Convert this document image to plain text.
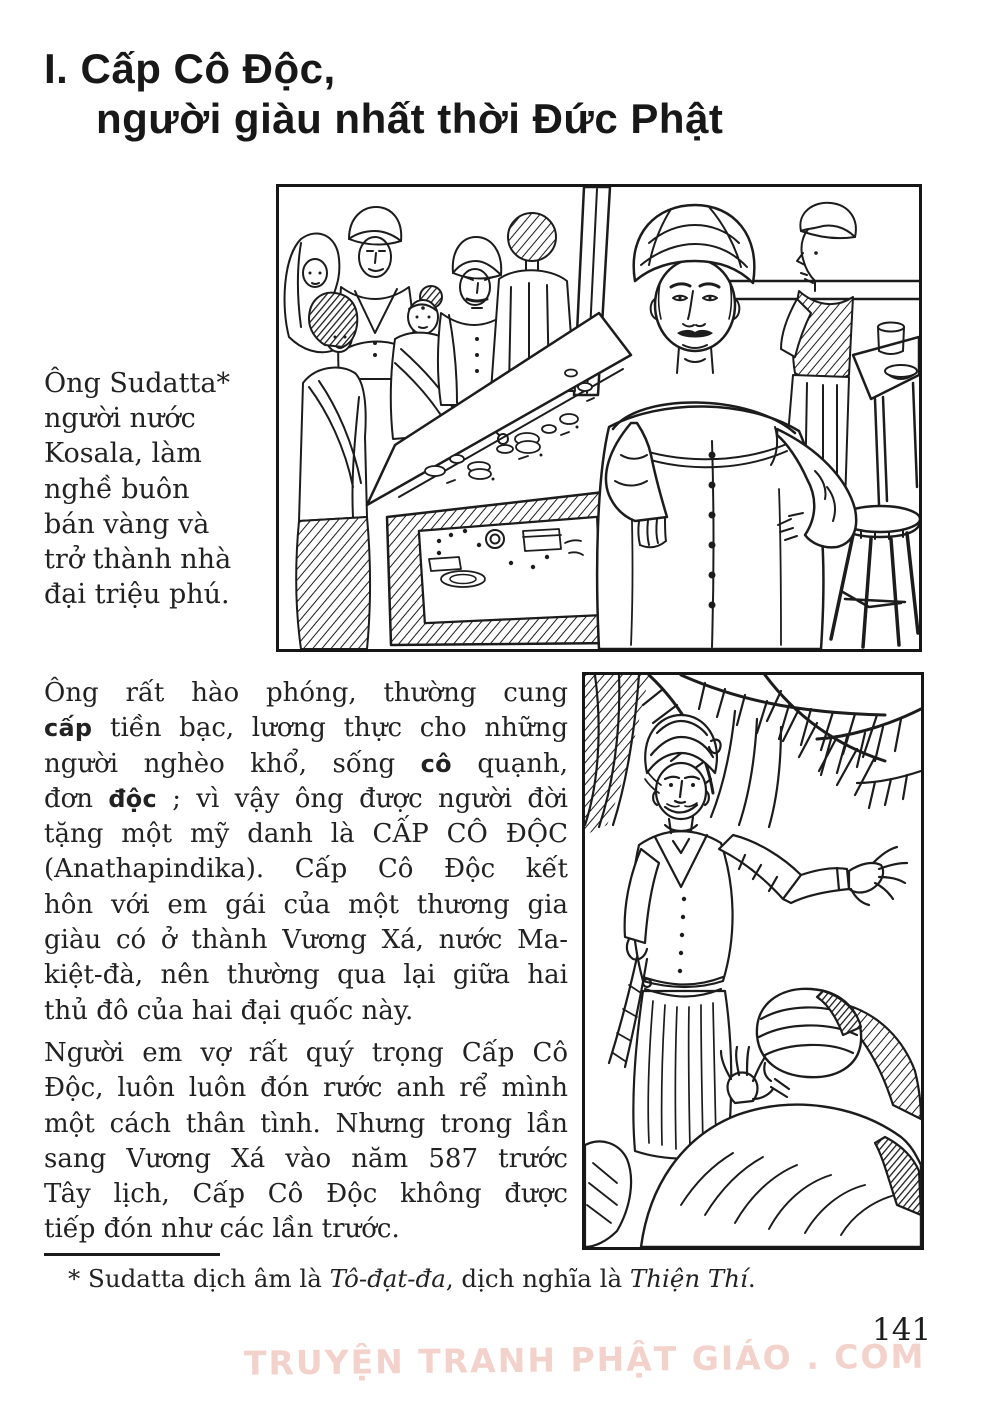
I. Cấp Cô Độc,
người giàu nhất thời Đức Phật
Ông Sudatta*
người nước
Kosala, làm
nghề buôn
bán vàng và
trở thành nhà
đại triệu phú.
Ông rất hào phóng, thường cung
cấp tiền bạc, lương thực cho những
người nghèo khổ, sống cô quạnh,
đơn độc ; vì vậy ông được người đời
tặng một mỹ danh là CẤP CÔ ĐỘC
(Anathapindika). Cấp Cô Độc kết
hôn với em gái của một thương gia
giàu có ở thành Vương Xá, nước Ma-
kiệt-đà, nên thường qua lại giữa hai
thủ đô của hai đại quốc này.
Người em vợ rất quý trọng Cấp Cô
Độc, luôn luôn đón rước anh rể mình
một cách thân tình. Nhưng trong lần
sang Vương Xá vào năm 587 trước
Tây lịch, Cấp Cô Độc không được
tiếp đón như các lần trước.
* Sudatta dịch âm là Tô-đạt-đa, dịch nghĩa là Thiện Thí.
141
TRUYỆN TRANH PHẬT GIÁO . COM
